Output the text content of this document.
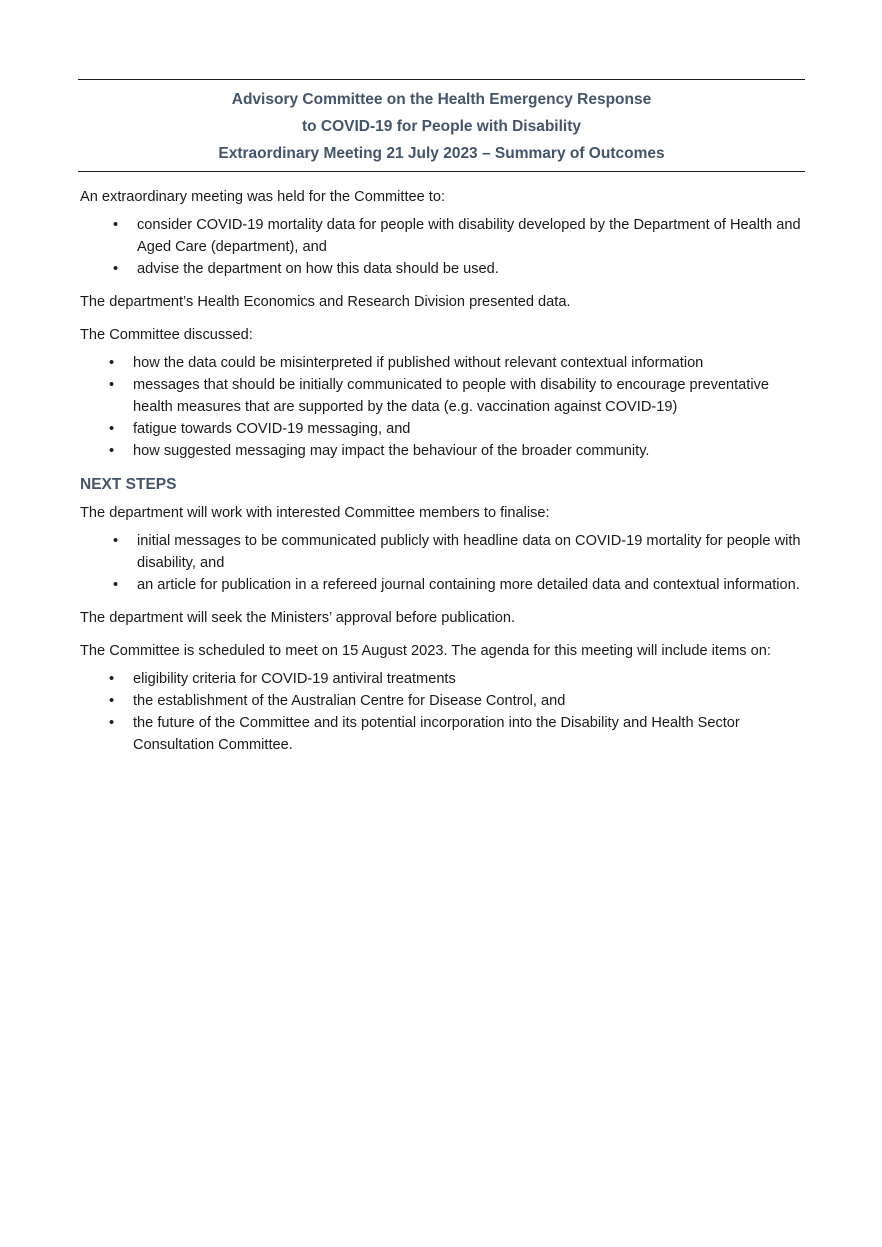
Advisory Committee on the Health Emergency Response
to COVID-19 for People with Disability
Extraordinary Meeting 21 July 2023 – Summary of Outcomes

An extraordinary meeting was held for the Committee to:

• consider COVID-19 mortality data for people with disability developed by the Department of Health and Aged Care (department), and
• advise the department on how this data should be used.

The department’s Health Economics and Research Division presented data.

The Committee discussed:

• how the data could be misinterpreted if published without relevant contextual information
• messages that should be initially communicated to people with disability to encourage preventative health measures that are supported by the data (e.g. vaccination against COVID-19)
• fatigue towards COVID-19 messaging, and
• how suggested messaging may impact the behaviour of the broader community.
NEXT STEPS

The department will work with interested Committee members to finalise:

• initial messages to be communicated publicly with headline data on COVID-19 mortality for people with disability, and
• an article for publication in a refereed journal containing more detailed data and contextual information.

The department will seek the Ministers’ approval before publication.

The Committee is scheduled to meet on 15 August 2023. The agenda for this meeting will include items on:

• eligibility criteria for COVID-19 antiviral treatments
• the establishment of the Australian Centre for Disease Control, and
• the future of the Committee and its potential incorporation into the Disability and Health Sector Consultation Committee.
